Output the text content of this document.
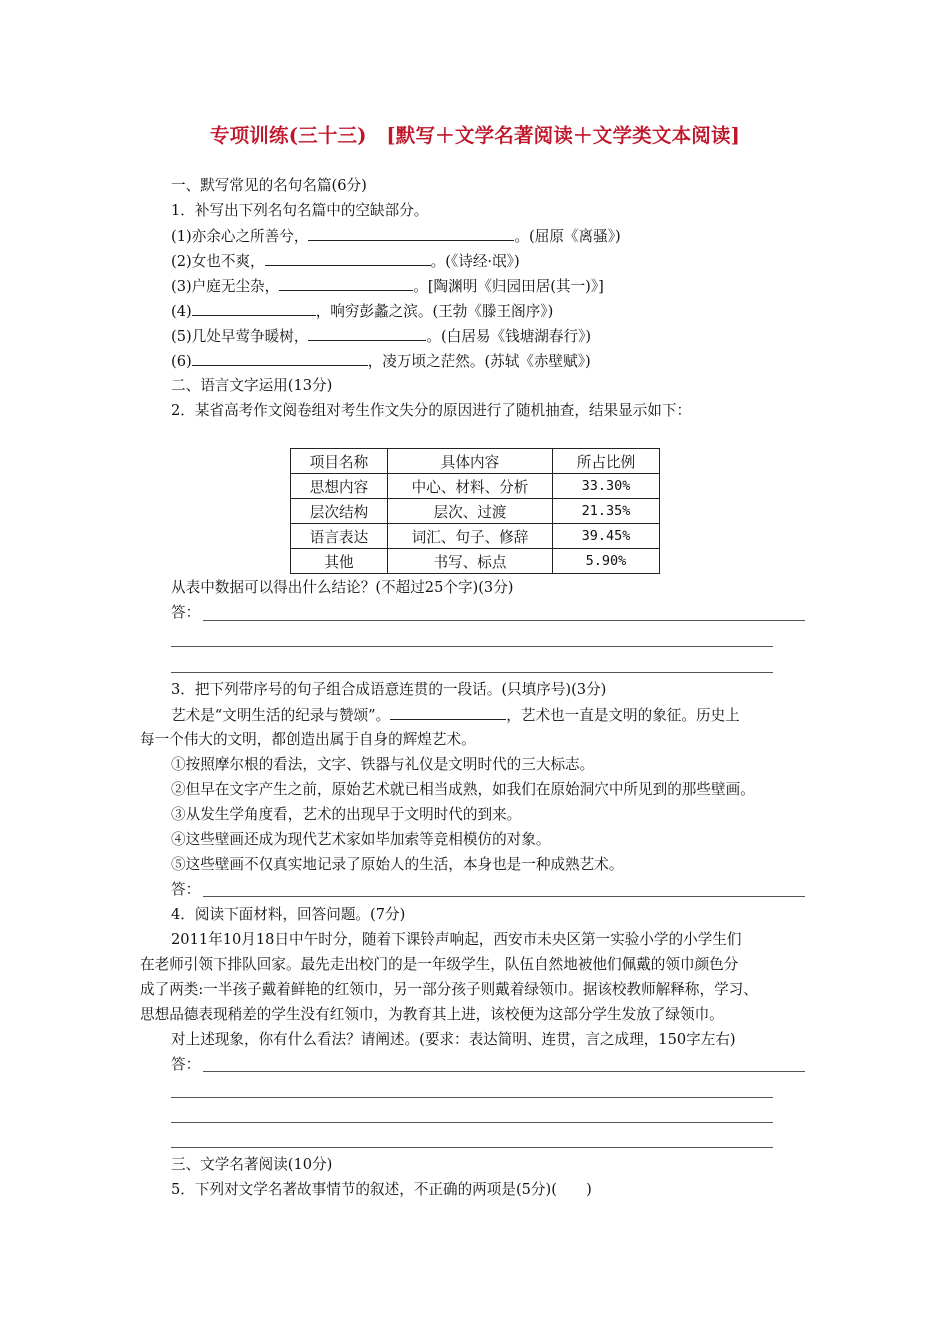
专项训练(三十三)　[默写＋文学名著阅读＋文学类文本阅读]
一、默写常见的名句名篇(6分)
1．补写出下列名句名篇中的空缺部分。
(1)亦余心之所善兮，	。(屈原《离骚》)
(2)女也不爽，	。(《诗经·氓》)
(3)户庭无尘杂，	。[陶渊明《归园田居(其一)》]
(4)	，响穷彭蠡之滨。(王勃《滕王阁序》)
(5)几处早莺争暖树，	。(白居易《钱塘湖春行》)
(6)	，凌万顷之茫然。(苏轼《赤壁赋》)
二、语言文字运用(13分)
2．某省高考作文阅卷组对考生作文失分的原因进行了随机抽查，结果显示如下：
项目名称	具体内容	所占比例
思想内容	中心、材料、分析	33.30%
层次结构	层次、过渡	21.35%
语言表达	词汇、句子、修辞	39.45%
其他	书写、标点	5.90%
从表中数据可以得出什么结论？(不超过25个字)(3分)
答：
3．把下列带序号的句子组合成语意连贯的一段话。(只填序号)(3分)
艺术是“文明生活的纪录与赞颂”。	，艺术也一直是文明的象征。历史上
每一个伟大的文明，都创造出属于自身的辉煌艺术。
①按照摩尔根的看法，文字、铁器与礼仪是文明时代的三大标志。
②但早在文字产生之前，原始艺术就已相当成熟，如我们在原始洞穴中所见到的那些壁画。
③从发生学角度看，艺术的出现早于文明时代的到来。
④这些壁画还成为现代艺术家如毕加索等竞相模仿的对象。
⑤这些壁画不仅真实地记录了原始人的生活，本身也是一种成熟艺术。
答：
4．阅读下面材料，回答问题。(7分)
2011年10月18日中午时分，随着下课铃声响起，西安市未央区第一实验小学的小学生们
在老师引领下排队回家。最先走出校门的是一年级学生，队伍自然地被他们佩戴的领巾颜色分
成了两类:一半孩子戴着鲜艳的红领巾，另一部分孩子则戴着绿领巾。据该校教师解释称，学习、
思想品德表现稍差的学生没有红领巾，为教育其上进，该校便为这部分学生发放了绿领巾。
对上述现象，你有什么看法？请阐述。(要求：表达简明、连贯，言之成理，150字左右)
答：
三、文学名著阅读(10分)
5．下列对文学名著故事情节的叙述，不正确的两项是(5分)(　　)
